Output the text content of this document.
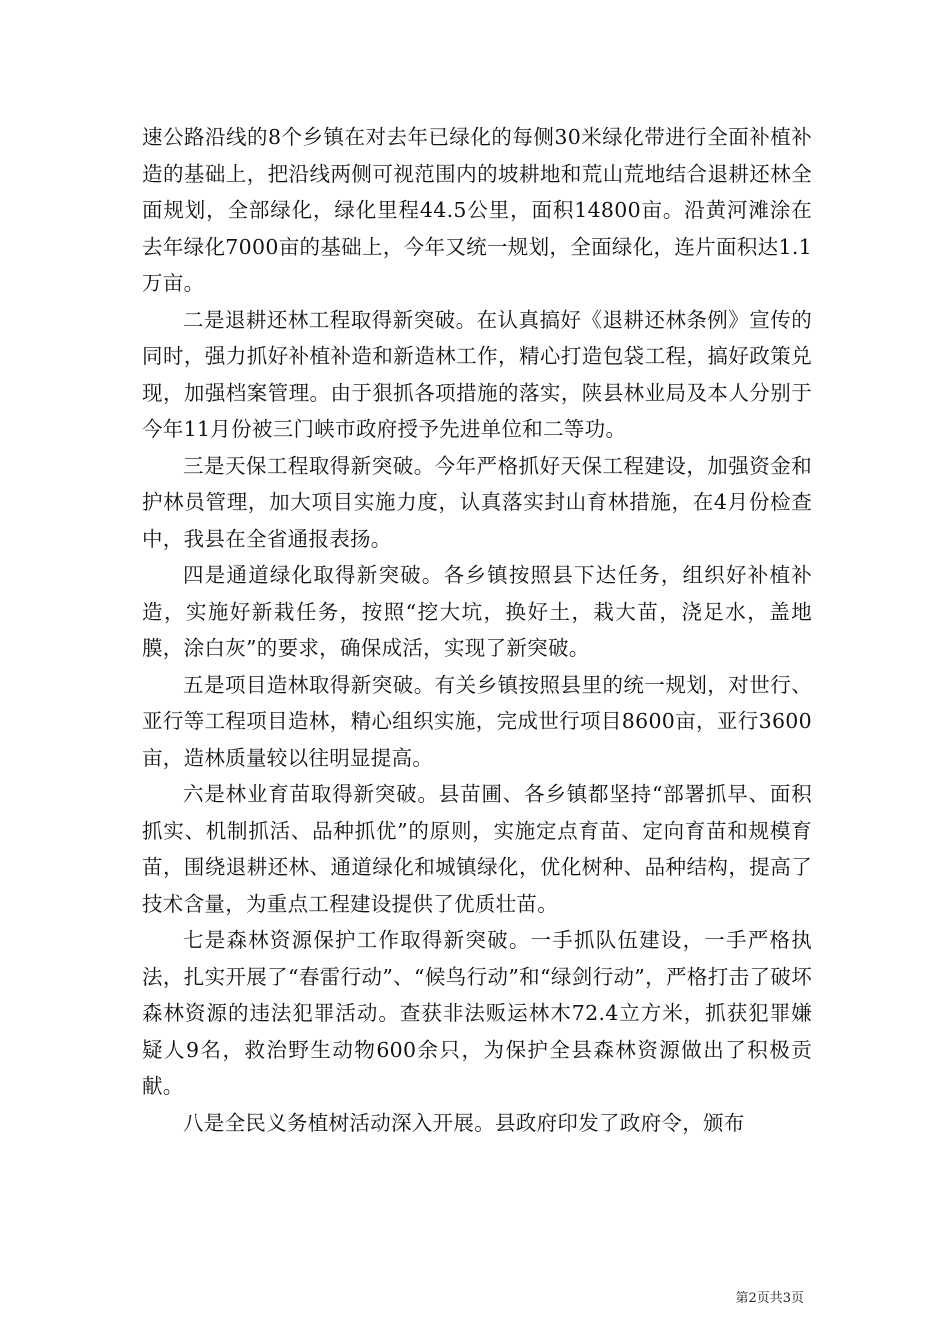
速公路沿线的8个乡镇在对去年已绿化的每侧30米绿化带进行全面补植补造的基础上，把沿线两侧可视范围内的坡耕地和荒山荒地结合退耕还林全面规划，全部绿化，绿化里程44.5公里，面积14800亩。沿黄河滩涂在去年绿化7000亩的基础上，今年又统一规划，全面绿化，连片面积达1.1万亩。

二是退耕还林工程取得新突破。在认真搞好《退耕还林条例》宣传的同时，强力抓好补植补造和新造林工作，精心打造包袋工程，搞好政策兑现，加强档案管理。由于狠抓各项措施的落实，陕县林业局及本人分别于今年11月份被三门峡市政府授予先进单位和二等功。

三是天保工程取得新突破。今年严格抓好天保工程建设，加强资金和护林员管理，加大项目实施力度，认真落实封山育林措施，在4月份检查中，我县在全省通报表扬。

四是通道绿化取得新突破。各乡镇按照县下达任务，组织好补植补造，实施好新栽任务，按照“挖大坑，换好土，栽大苗，浇足水，盖地膜，涂白灰”的要求，确保成活，实现了新突破。

五是项目造林取得新突破。有关乡镇按照县里的统一规划，对世行、亚行等工程项目造林，精心组织实施，完成世行项目8600亩，亚行3600亩，造林质量较以往明显提高。

六是林业育苗取得新突破。县苗圃、各乡镇都坚持“部署抓早、面积抓实、机制抓活、品种抓优”的原则，实施定点育苗、定向育苗和规模育苗，围绕退耕还林、通道绿化和城镇绿化，优化树种、品种结构，提高了技术含量，为重点工程建设提供了优质壮苗。

七是森林资源保护工作取得新突破。一手抓队伍建设，一手严格执法，扎实开展了“春雷行动”、“候鸟行动”和“绿剑行动”，严格打击了破坏森林资源的违法犯罪活动。查获非法贩运林木72.4立方米，抓获犯罪嫌疑人9名，救治野生动物600余只，为保护全县森林资源做出了积极贡献。

八是全民义务植树活动深入开展。县政府印发了政府令，颁布

第2页共3页
